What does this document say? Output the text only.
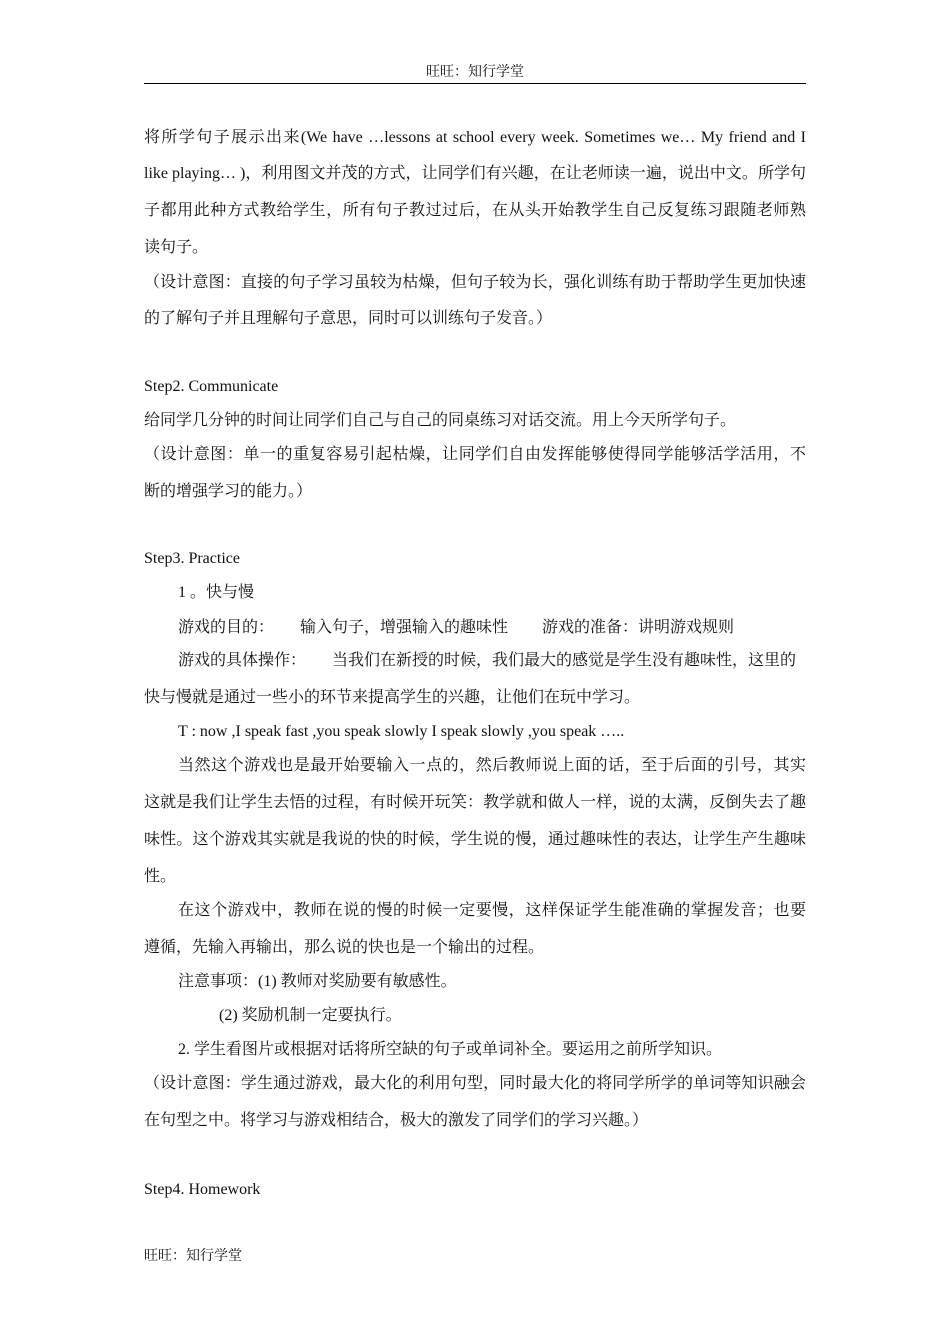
旺旺：知行学堂
将所学句子展示出来(We have …lessons at school every week. Sometimes we… My friend and I
like playing… )，利用图文并茂的方式，让同学们有兴趣，在让老师读一遍，说出中文。所学句
子都用此种方式教给学生，所有句子教过过后，在从头开始教学生自己反复练习跟随老师熟
读句子。
（设计意图：直接的句子学习虽较为枯燥，但句子较为长，强化训练有助于帮助学生更加快速
的了解句子并且理解句子意思，同时可以训练句子发音。）
Step2. Communicate
给同学几分钟的时间让同学们自己与自己的同桌练习对话交流。用上今天所学句子。
（设计意图：单一的重复容易引起枯燥，让同学们自由发挥能够使得同学能够活学活用，不
断的增强学习的能力。）
Step3. Practice
1 。快与慢
游戏的目的： 输入句子，增强输入的趣味性 游戏的准备：讲明游戏规则
游戏的具体操作： 当我们在新授的时候，我们最大的感觉是学生没有趣味性，这里的
快与慢就是通过一些小的环节来提高学生的兴趣，让他们在玩中学习。
T : now ,I speak fast ,you speak slowly I speak slowly ,you speak …..
当然这个游戏也是最开始要输入一点的，然后教师说上面的话，至于后面的引号，其实
这就是我们让学生去悟的过程，有时候开玩笑：教学就和做人一样，说的太满，反倒失去了趣
味性。这个游戏其实就是我说的快的时候，学生说的慢，通过趣味性的表达，让学生产生趣味
性。
在这个游戏中，教师在说的慢的时候一定要慢，这样保证学生能准确的掌握发音；也要
遵循，先输入再输出，那么说的快也是一个输出的过程。
注意事项：(1) 教师对奖励要有敏感性。
(2) 奖励机制一定要执行。
2. 学生看图片或根据对话将所空缺的句子或单词补全。要运用之前所学知识。
（设计意图：学生通过游戏，最大化的利用句型，同时最大化的将同学所学的单词等知识融会
在句型之中。将学习与游戏相结合，极大的激发了同学们的学习兴趣。）
Step4. Homework
旺旺：知行学堂
